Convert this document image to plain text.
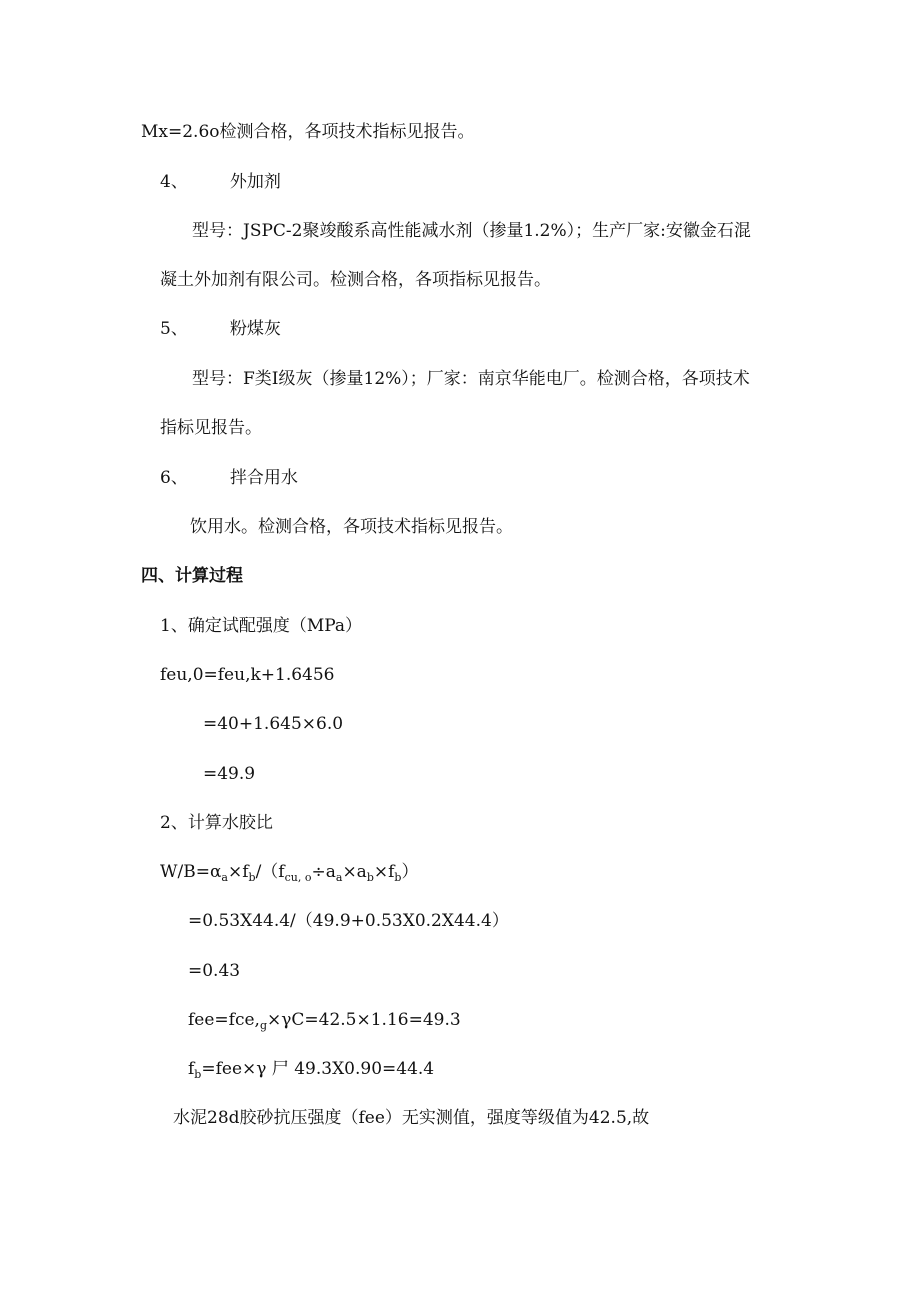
Mx=2.6o检测合格，各项技术指标见报告。
4、 外加剂
型号：JSPC-2聚竣酸系高性能减水剂（掺量1.2%）；生产厂家:安徽金石混
凝土外加剂有限公司。检测合格，各项指标见报告。
5、 粉煤灰
型号：F类I级灰（掺量12%）；厂家：南京华能电厂。检测合格，各项技术
指标见报告。
6、 拌合用水
饮用水。检测合格，各项技术指标见报告。
四、计算过程
1、确定试配强度（MPa）
feu,0=feu,k+1.6456
=40+1.645×6.0
=49.9
2、计算水胶比
$W/B=\alpha_a\times f_b/(f_{cu, o}\div a_a\times a_b\times f_b)$
=0.53X44.4/（49.9+0.53X0.2X44.4）
=0.43
$fee=fce,_g\times\gamma C=42.5\times 1.16=49.3$
$f_b=fee\times\gamma$ 尸 49.3X0.90=44.4
水泥28d胶砂抗压强度（fee）无实测值，强度等级值为42.5,故
